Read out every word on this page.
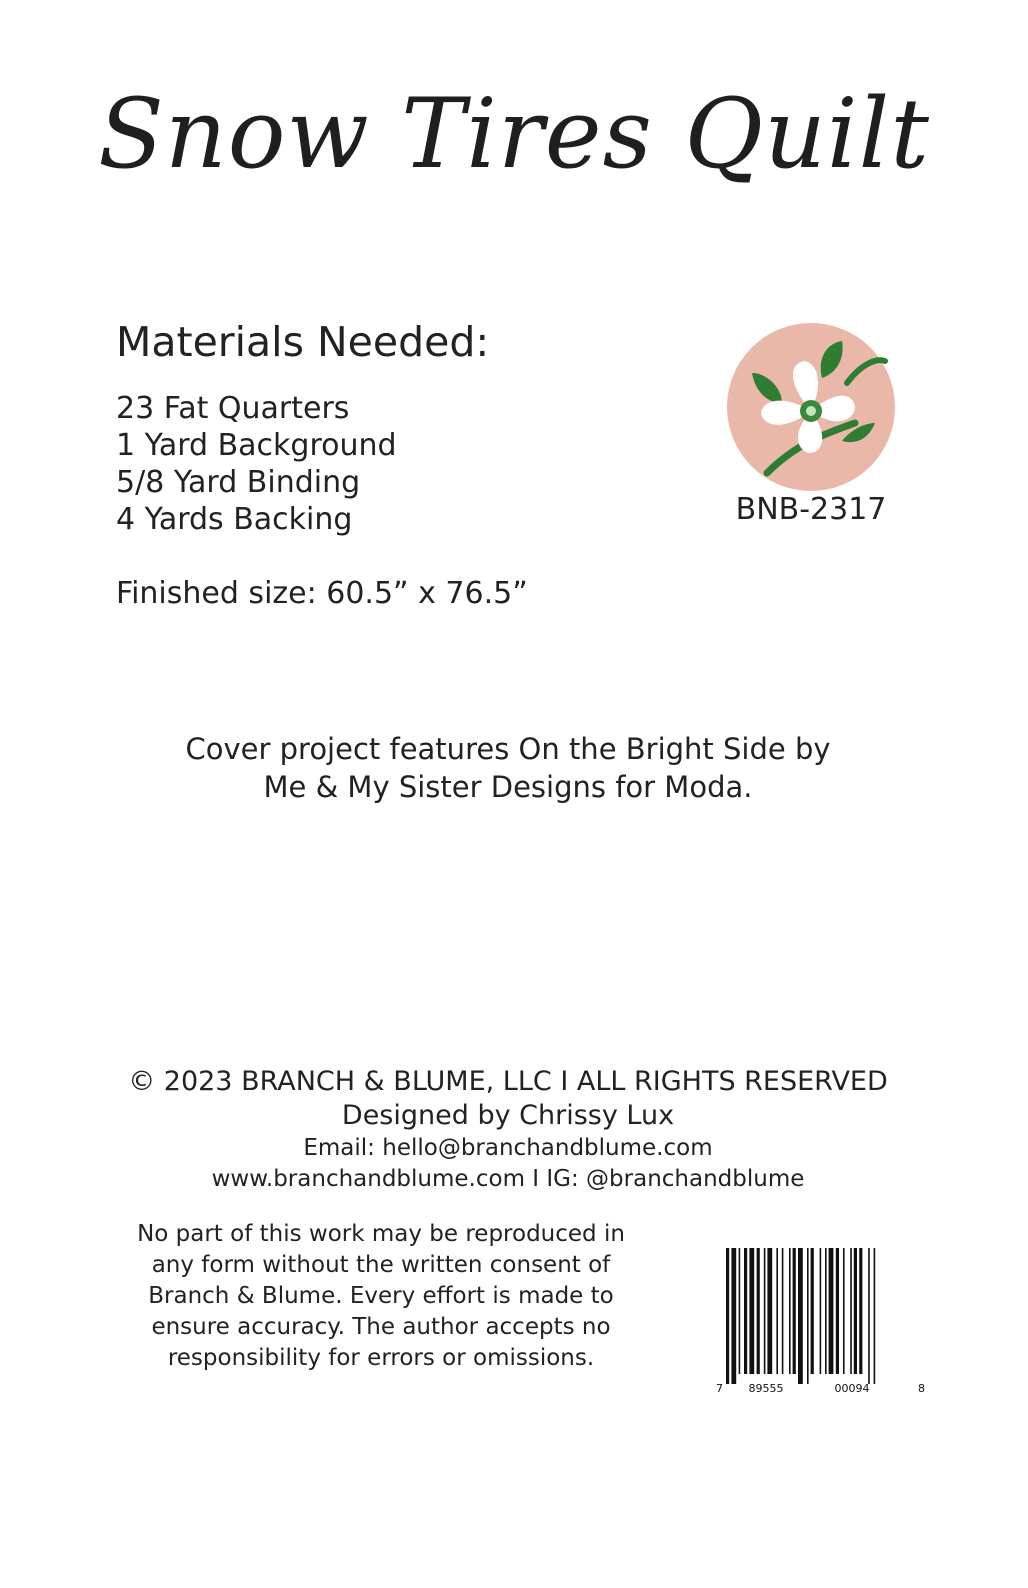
Snow Tires Quilt
Materials Needed:
23 Fat Quarters
1 Yard Background
5/8 Yard Binding
4 Yards Backing
Finished size: 60.5” x 76.5”
BNB-2317
Cover project features On the Bright Side by
Me & My Sister Designs for Moda.
© 2023 BRANCH & BLUME, LLC I ALL RIGHTS RESERVED
Designed by Chrissy Lux
Email: hello@branchandblume.com
www.branchandblume.com I IG: @branchandblume
No part of this work may be reproduced in
any form without the written consent of
Branch & Blume. Every effort is made to
ensure accuracy. The author accepts no
responsibility for errors or omissions.
7 89555	00094	8
